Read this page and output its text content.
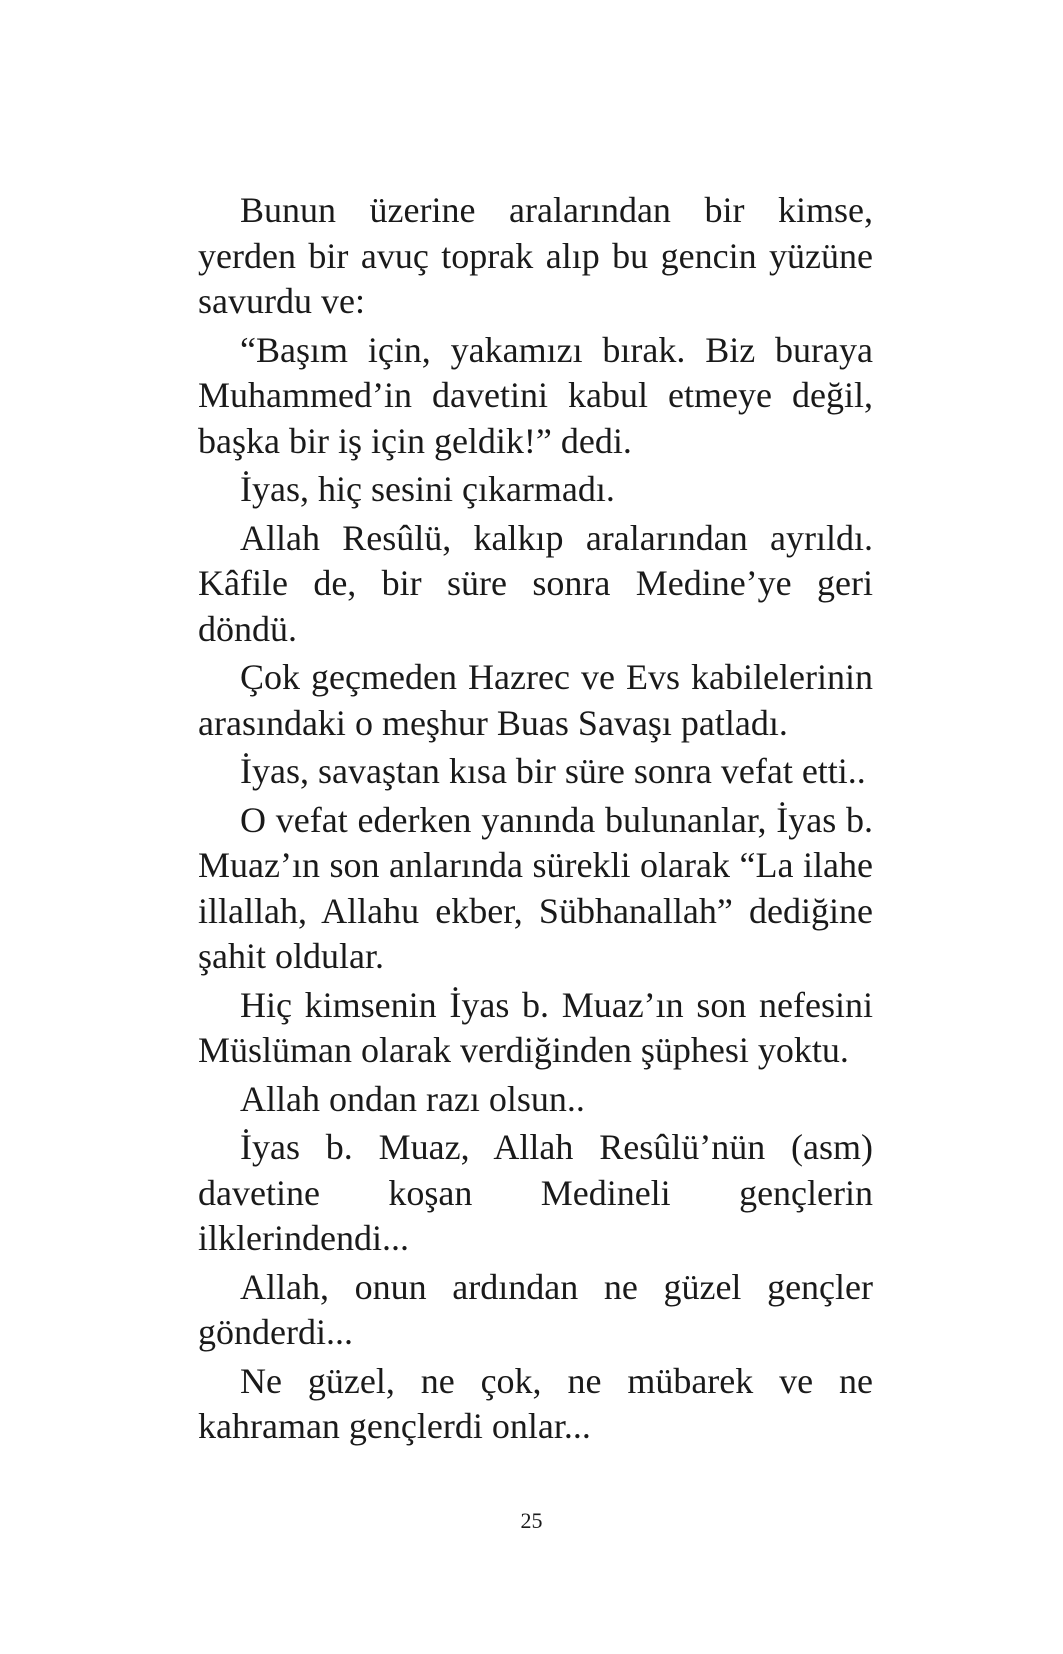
Bunun üzerine aralarından bir kimse, yerden bir avuç toprak alıp bu gencin yüzüne savurdu ve:

“Başım için, yakamızı bırak. Biz buraya Muhammed’in davetini kabul etmeye değil, başka bir iş için geldik!” dedi.

İyas, hiç sesini çıkarmadı.

Allah Resûlü, kalkıp aralarından ayrıldı. Kâfile de, bir süre sonra Medine’ye geri döndü.

Çok geçmeden Hazrec ve Evs kabilelerinin arasındaki o meşhur Buas Savaşı patladı.

İyas, savaştan kısa bir süre sonra vefat etti..

O vefat ederken yanında bulunanlar, İyas b. Muaz’ın son anlarında sürekli olarak “La ilahe illallah, Allahu ekber, Sübhanallah” dediğine şahit oldular.

Hiç kimsenin İyas b. Muaz’ın son nefesini Müslüman olarak verdiğinden şüphesi yoktu.

Allah ondan razı olsun..

İyas b. Muaz, Allah Resûlü’nün (asm) davetine koşan Medineli gençlerin ilklerindendi...

Allah, onun ardından ne güzel gençler gönderdi...

Ne güzel, ne çok, ne mübarek ve ne kahraman gençlerdi onlar...

25
